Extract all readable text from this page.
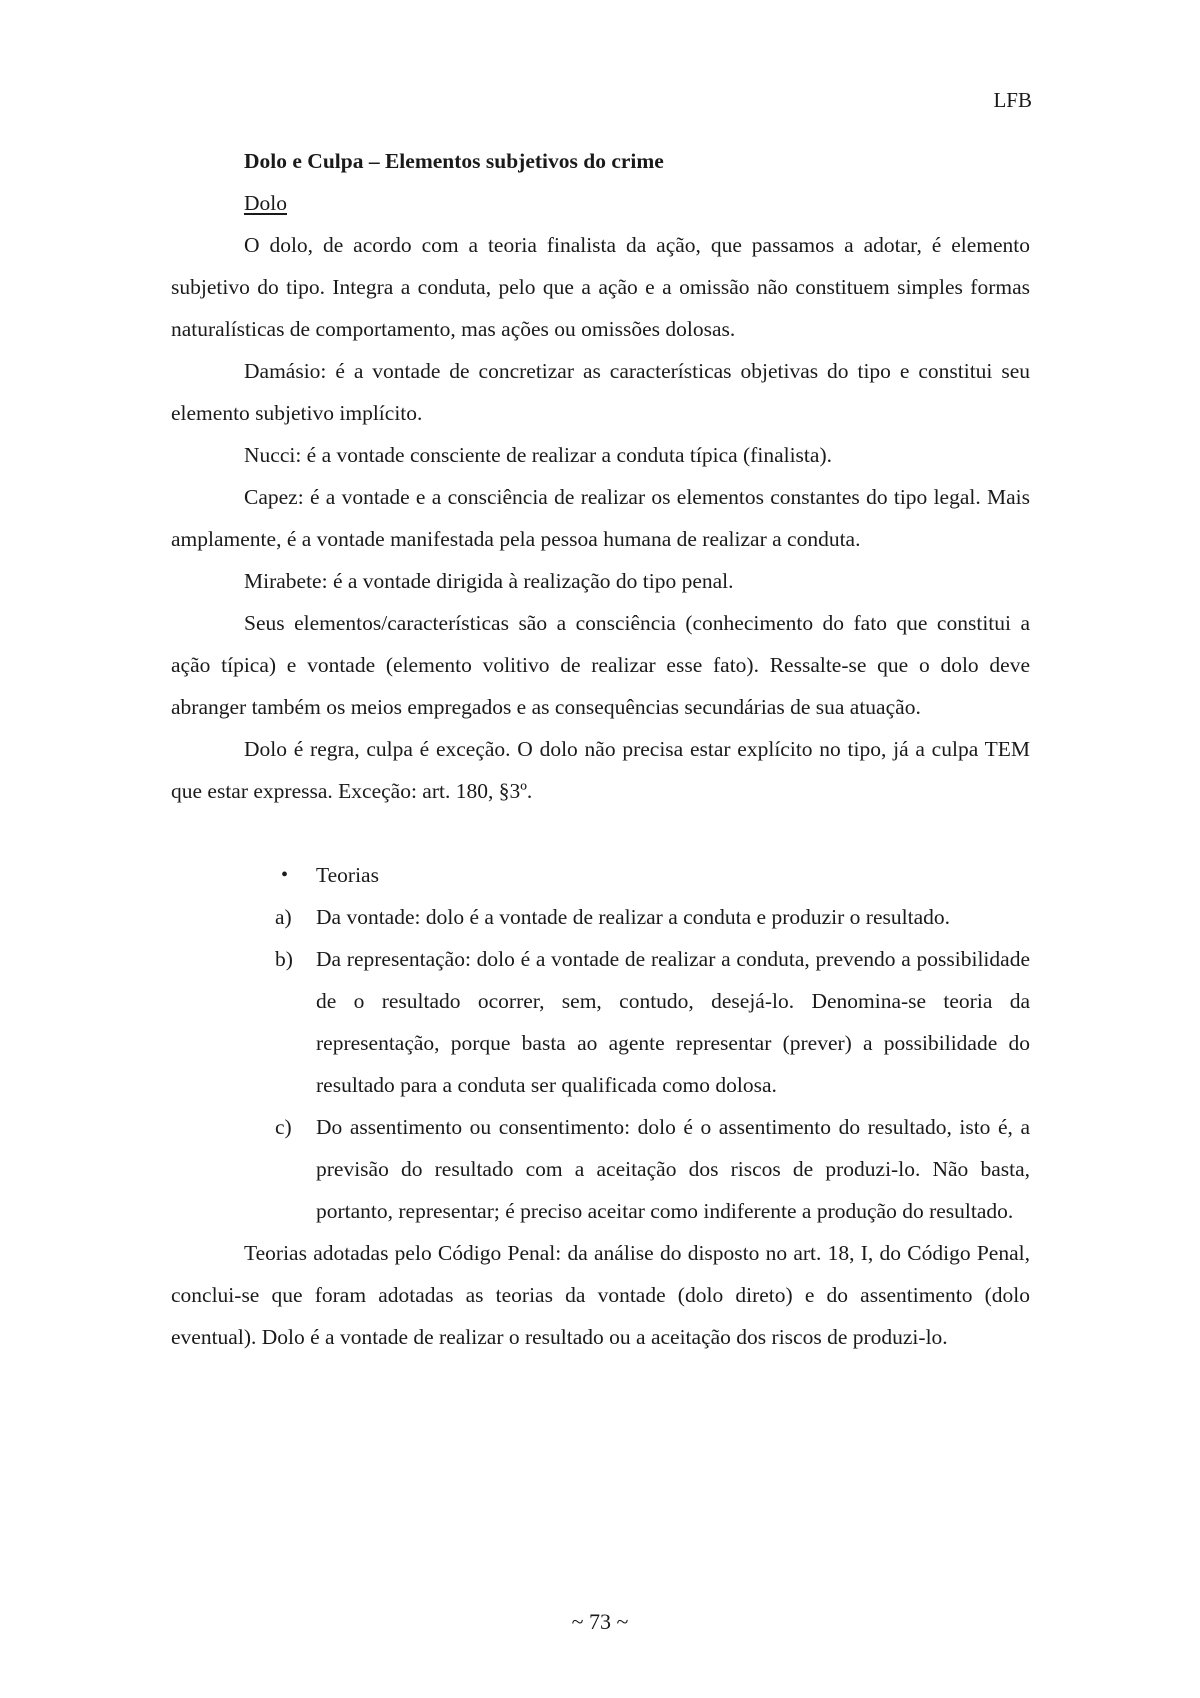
LFB

Dolo e Culpa – Elementos subjetivos do crime

Dolo

O dolo, de acordo com a teoria finalista da ação, que passamos a adotar, é elemento subjetivo do tipo. Integra a conduta, pelo que a ação e a omissão não constituem simples formas naturalísticas de comportamento, mas ações ou omissões dolosas.

Damásio: é a vontade de concretizar as características objetivas do tipo e constitui seu elemento subjetivo implícito.

Nucci: é a vontade consciente de realizar a conduta típica (finalista).

Capez: é a vontade e a consciência de realizar os elementos constantes do tipo legal. Mais amplamente, é a vontade manifestada pela pessoa humana de realizar a conduta.

Mirabete: é a vontade dirigida à realização do tipo penal.

Seus elementos/características são a consciência (conhecimento do fato que constitui a ação típica) e vontade (elemento volitivo de realizar esse fato). Ressalte-se que o dolo deve abranger também os meios empregados e as consequências secundárias de sua atuação.

Dolo é regra, culpa é exceção. O dolo não precisa estar explícito no tipo, já a culpa TEM que estar expressa. Exceção: art. 180, §3º.

• Teorias
a) Da vontade: dolo é a vontade de realizar a conduta e produzir o resultado.
b) Da representação: dolo é a vontade de realizar a conduta, prevendo a possibilidade de o resultado ocorrer, sem, contudo, desejá-lo. Denomina-se teoria da representação, porque basta ao agente representar (prever) a possibilidade do resultado para a conduta ser qualificada como dolosa.
c) Do assentimento ou consentimento: dolo é o assentimento do resultado, isto é, a previsão do resultado com a aceitação dos riscos de produzi-lo. Não basta, portanto, representar; é preciso aceitar como indiferente a produção do resultado.

Teorias adotadas pelo Código Penal: da análise do disposto no art. 18, I, do Código Penal, conclui-se que foram adotadas as teorias da vontade (dolo direto) e do assentimento (dolo eventual). Dolo é a vontade de realizar o resultado ou a aceitação dos riscos de produzi-lo.

~ 73 ~
